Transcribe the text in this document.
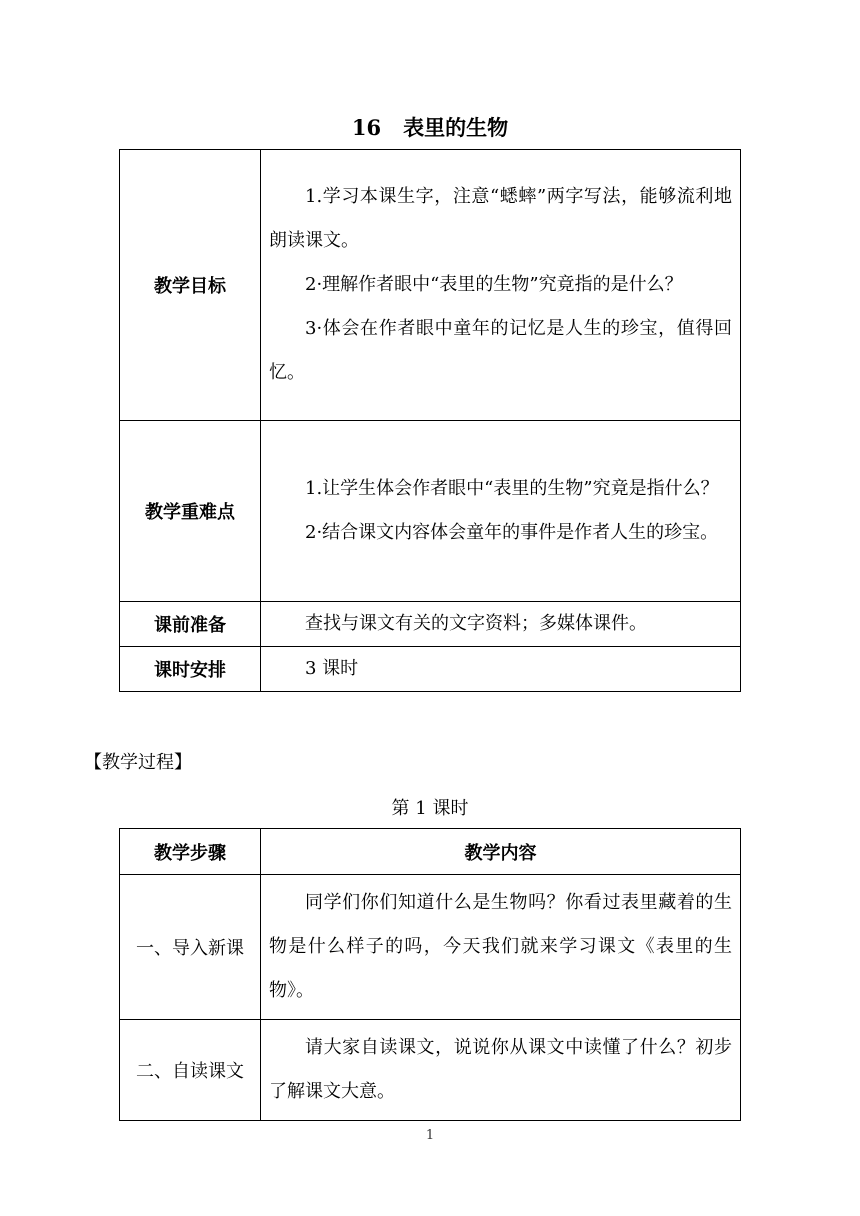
16 表里的生物
教学目标	1.学习本课生字，注意“蟋蟀”两字写法，能够流利地朗读课文。

2·理解作者眼中“表里的生物”究竟指的是什么？

3·体会在作者眼中童年的记忆是人生的珍宝，值得回忆。

教学重难点	1.让学生体会作者眼中“表里的生物”究竟是指什么？

2·结合课文内容体会童年的事件是作者人生的珍宝。

课前准备	查找与课文有关的文字资料；多媒体课件。

课时安排	3 课时

【教学过程】
第 1 课时
教学步骤	教学内容
一、导入新课	同学们你们知道什么是生物吗？你看过表里藏着的生物是什么样子的吗，今天我们就来学习课文《表里的生物》。

二、自读课文	请大家自读课文，说说你从课文中读懂了什么？初步了解课文大意。

1
